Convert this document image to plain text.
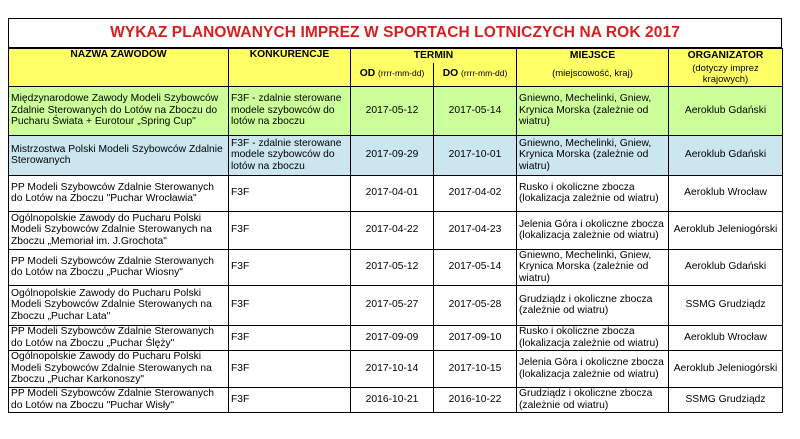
WYKAZ PLANOWANYCH IMPREZ W SPORTACH LOTNICZYCH NA ROK 2017
NAZWA ZAWODÓW	KONKURENCJE	TERMIN		MIEJSCE	ORGANIZATOR
		OD (rrrr-mm-dd)	DO (rrrr-mm-dd)	(miejscowość, kraj)	(dotyczy imprez krajowych)
Międzynarodowe Zawody Modeli Szybowców Zdalnie Sterowanych do Lotów na Zboczu do Pucharu Świata + Eurotour „Spring Cup"	F3F - zdalnie sterowane modele szybowców do lotów na zboczu	2017-05-12	2017-05-14	Gniewno, Mechelinki, Gniew, Krynica Morska (zależnie od wiatru)	Aeroklub Gdański
Mistrzostwa Polski Modeli Szybowców Zdalnie Sterowanych	F3F - zdalnie sterowane modele szybowców do lotów na zboczu	2017-09-29	2017-10-01	Gniewno, Mechelinki, Gniew, Krynica Morska (zależnie od wiatru)	Aeroklub Gdański
PP Modeli Szybowców Zdalnie Sterowanych do Lotów na Zboczu "Puchar Wrocławia"	F3F	2017-04-01	2017-04-02	Rusko i okoliczne zbocza (lokalizacja zależnie od wiatru)	Aeroklub Wrocław
Ogólnopolskie Zawody do Pucharu Polski Modeli Szybowców Zdalnie Sterowanych na Zboczu „Memoriał im. J.Grochota"	F3F	2017-04-22	2017-04-23	Jelenia Góra i okoliczne zbocza (lokalizacja zależnie od wiatru)	Aeroklub Jeleniogórski
PP Modeli Szybowców Zdalnie Sterowanych do Lotów na Zboczu „Puchar Wiosny"	F3F	2017-05-12	2017-05-14	Gniewno, Mechelinki, Gniew, Krynica Morska (zależnie od wiatru)	Aeroklub Gdański
Ogólnopolskie Zawody do Pucharu Polski Modeli Szybowców Zdalnie Sterowanych na Zboczu „Puchar Lata"	F3F	2017-05-27	2017-05-28	Grudziądz i okoliczne zbocza (zależnie od wiatru)	SSMG Grudziądz
PP Modeli Szybowców Zdalnie Sterowanych do Lotów na Zboczu „Puchar Ślęży"	F3F	2017-09-09	2017-09-10	Rusko i okoliczne zbocza (lokalizacja zależnie od wiatru)	Aeroklub Wrocław
Ogólnopolskie Zawody do Pucharu Polski Modeli Szybowców Zdalnie Sterowanych na Zboczu „Puchar Karkonoszy"	F3F	2017-10-14	2017-10-15	Jelenia Góra i okoliczne zbocza (lokalizacja zależnie od wiatru)	Aeroklub Jeleniogórski
PP Modeli Szybowców Zdalnie Sterowanych do Lotów na Zboczu "Puchar Wisły"	F3F	2016-10-21	2016-10-22	Grudziądz i okoliczne zbocza (zależnie od wiatru)	SSMG Grudziądz
